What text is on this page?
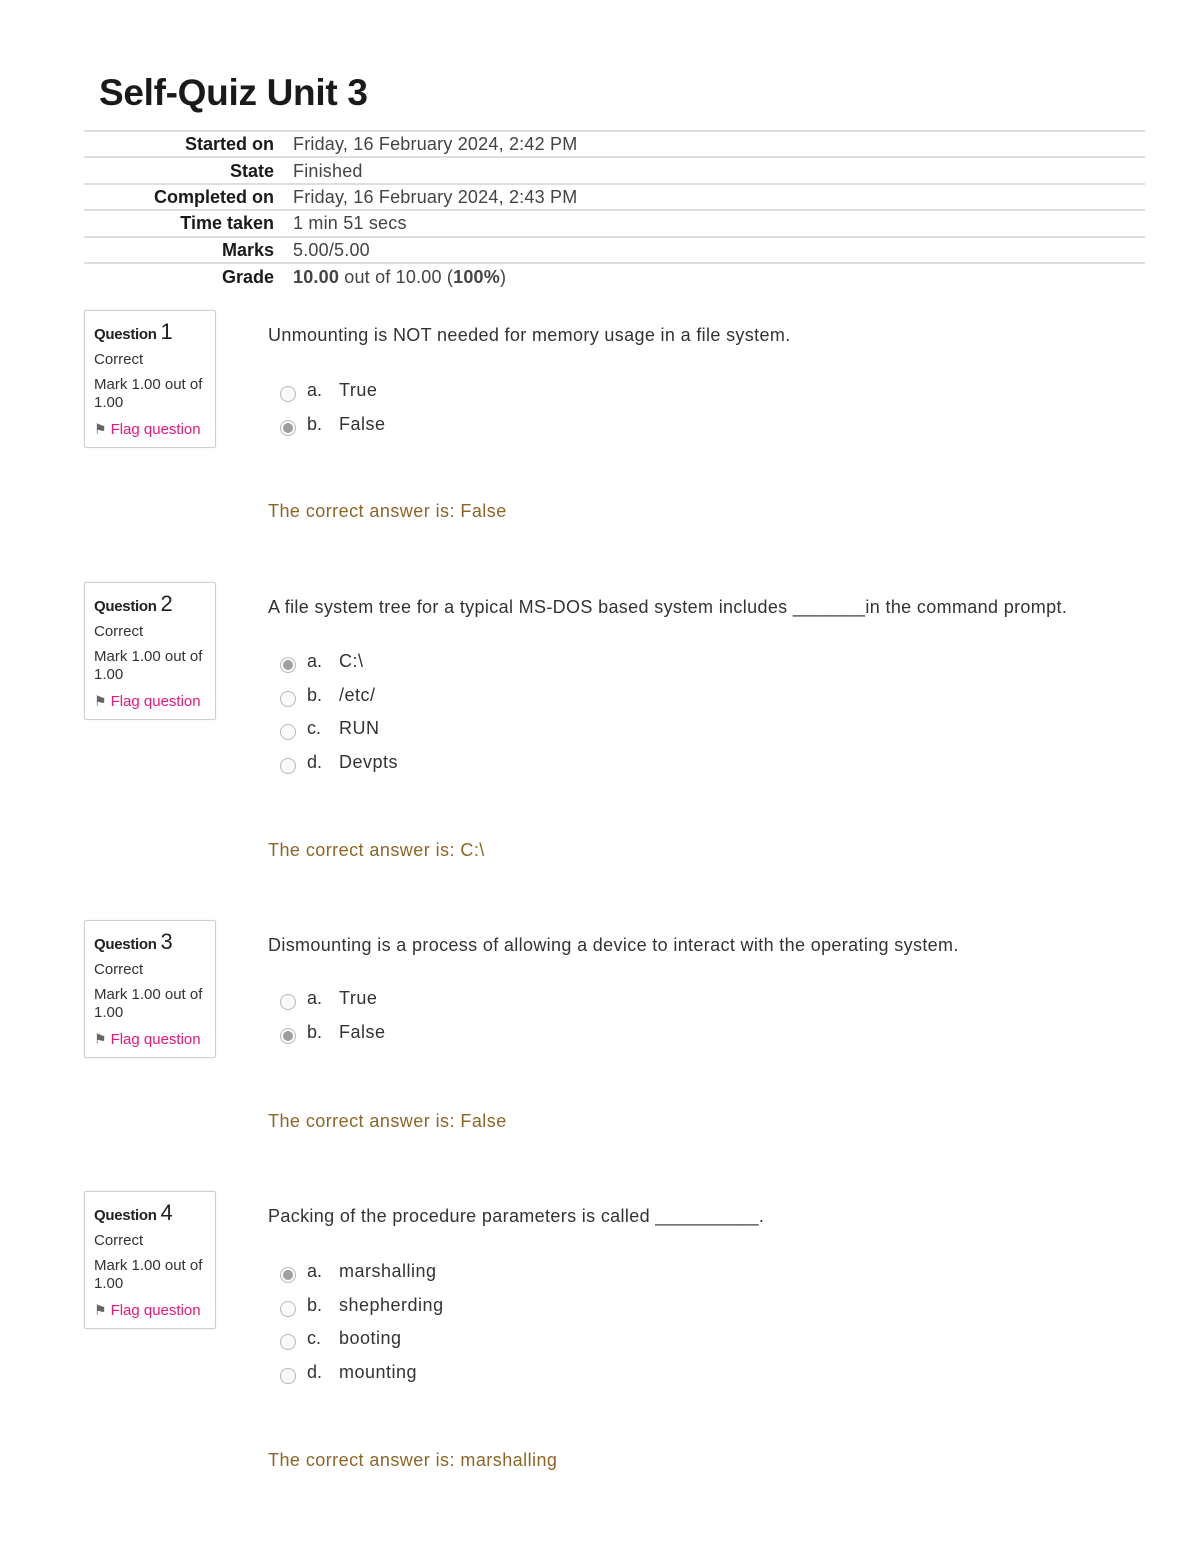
Self-Quiz Unit 3
Started on	Friday, 16 February 2024, 2:42 PM
State	Finished
Completed on	Friday, 16 February 2024, 2:43 PM
Time taken	1 min 51 secs
Marks	5.00/5.00
Grade	10.00 out of 10.00 (100%)
Question 1
Correct
Mark 1.00 out of 1.00
⚑ Flag question
Unmounting is NOT needed for memory usage in a file system.
a. True
b. False
The correct answer is: False
Question 2
Correct
Mark 1.00 out of 1.00
⚑ Flag question
A file system tree for a typical MS-DOS based system includes _______in the command prompt.
a. C:\
b. /etc/
c. RUN
d. Devpts
The correct answer is: C:\
Question 3
Correct
Mark 1.00 out of 1.00
⚑ Flag question
Dismounting is a process of allowing a device to interact with the operating system.
a. True
b. False
The correct answer is: False
Question 4
Correct
Mark 1.00 out of 1.00
⚑ Flag question
Packing of the procedure parameters is called __________.
a. marshalling
b. shepherding
c. booting
d. mounting
The correct answer is: marshalling
